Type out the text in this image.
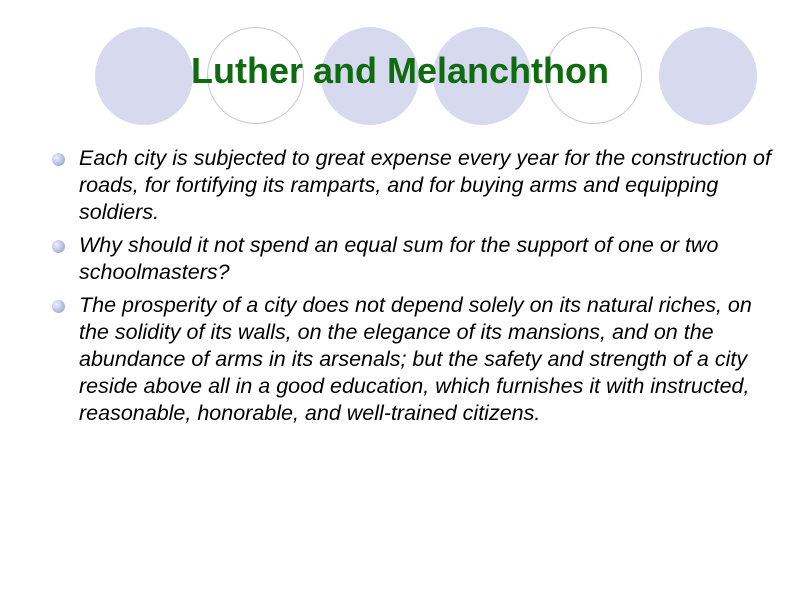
Luther and Melanchthon
Each city is subjected to great expense every year for the construction of roads, for fortifying its ramparts, and for buying arms and equipping soldiers.
Why should it not spend an equal sum for the support of one or two schoolmasters?
The prosperity of a city does not depend solely on its natural riches, on the solidity of its walls, on the elegance of its mansions, and on the abundance of arms in its arsenals; but the safety and strength of a city reside above all in a good education, which furnishes it with instructed, reasonable, honorable, and well-trained citizens.
